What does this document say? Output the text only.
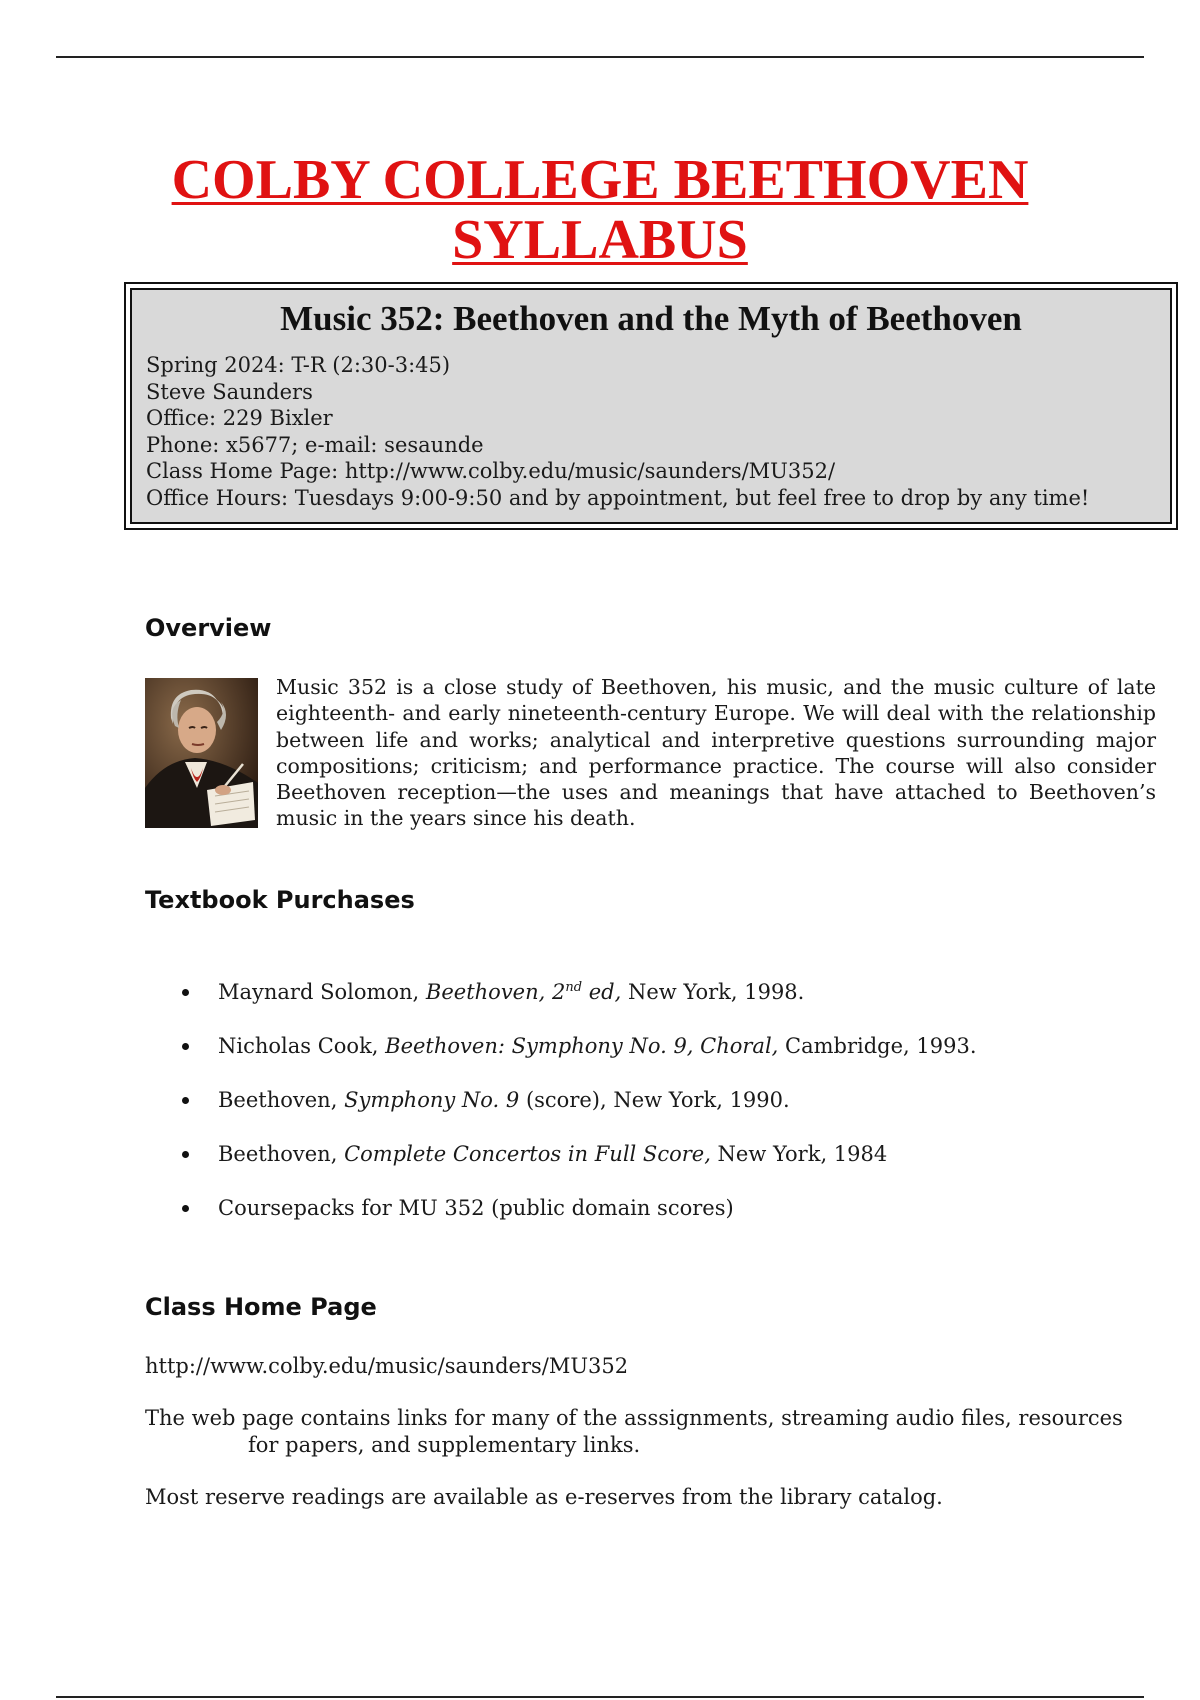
COLBY COLLEGE BEETHOVEN
SYLLABUS
Music 352: Beethoven and the Myth of Beethoven
Spring 2024: T-R (2:30-3:45)
Steve Saunders
Office: 229 Bixler
Phone: x5677; e-mail: sesaunde
Class Home Page: http://www.colby.edu/music/saunders/MU352/
Office Hours: Tuesdays 9:00-9:50 and by appointment, but feel free to drop by any time!
Overview

Music 352 is a close study of Beethoven, his music, and the music culture of late eighteenth- and early nineteenth-century Europe. We will deal with the relationship between life and works; analytical and interpretive questions surrounding major compositions; criticism; and performance practice. The course will also consider Beethoven reception—the uses and meanings that have attached to Beethoven’s music in the years since his death.

Textbook Purchases
Maynard Solomon, Beethoven, 2nd ed, New York, 1998.
Nicholas Cook, Beethoven: Symphony No. 9, Choral, Cambridge, 1993.
Beethoven, Symphony No. 9 (score), New York, 1990.
Beethoven, Complete Concertos in Full Score, New York, 1984
Coursepacks for MU 352 (public domain scores)
Class Home Page

http://www.colby.edu/music/saunders/MU352

The web page contains links for many of the asssignments, streaming audio files, resources for papers, and supplementary links.

Most reserve readings are available as e-reserves from the library catalog.
